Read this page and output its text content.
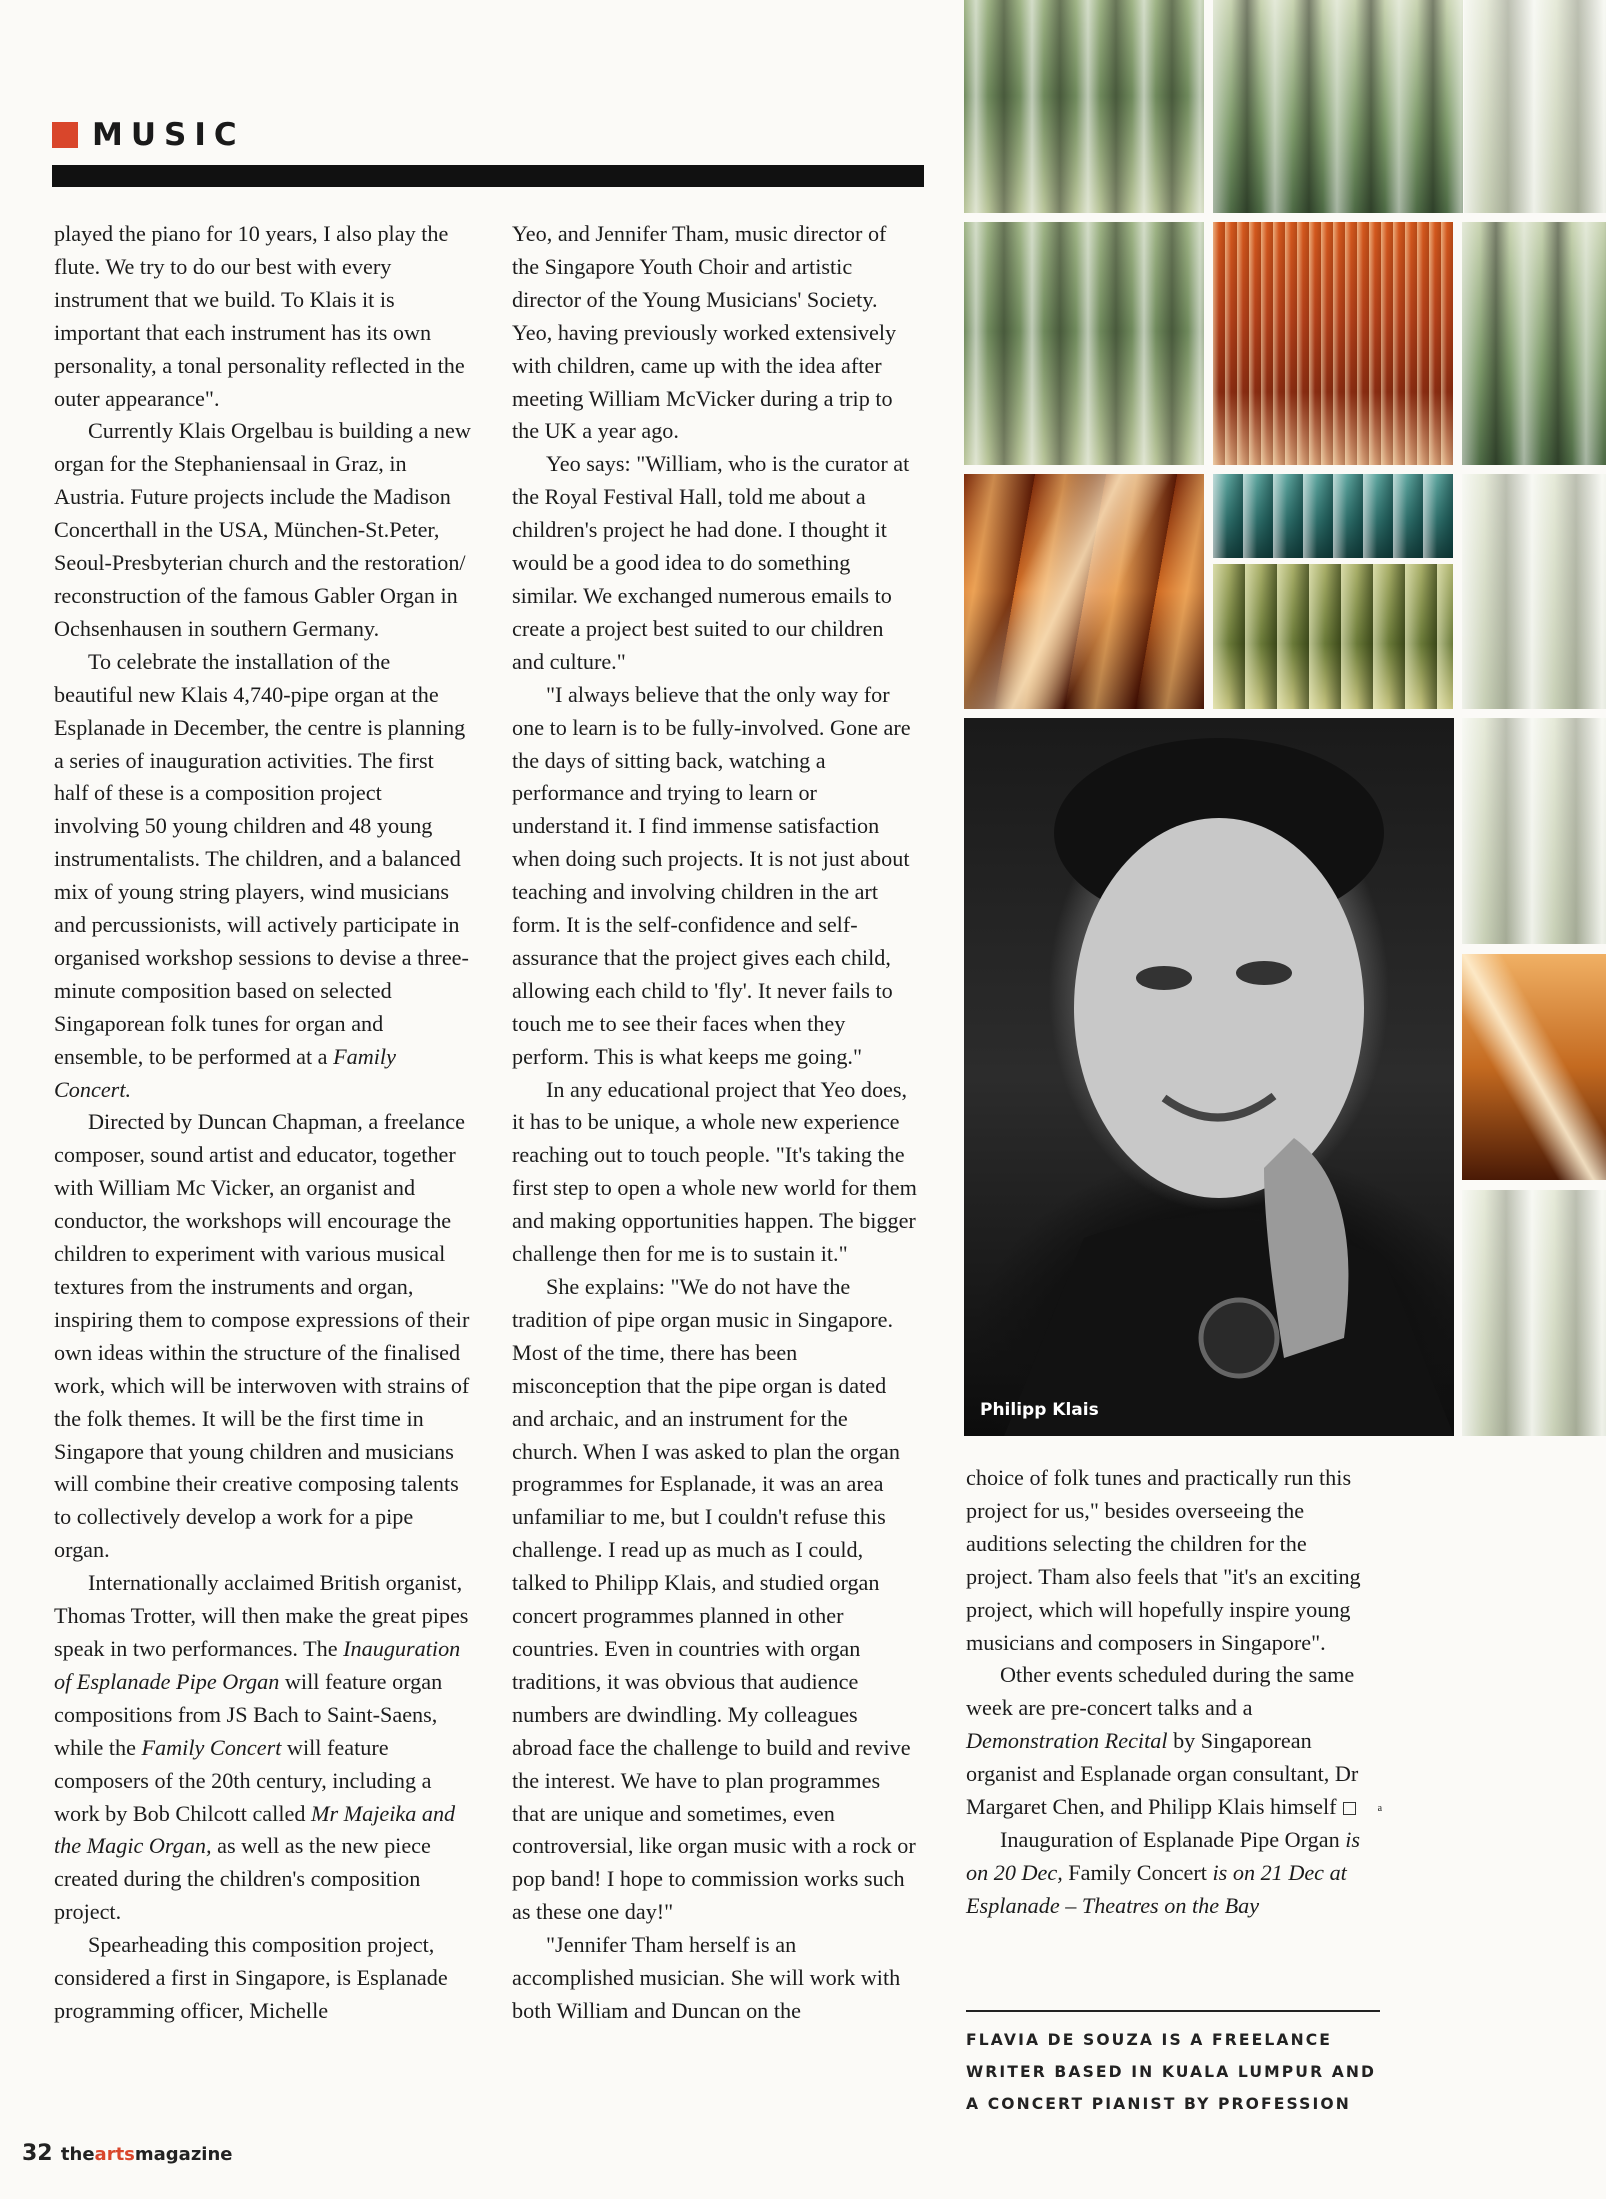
MUSIC

played the piano for 10 years, I also play the flute. We try to do our best with every instrument that we build. To Klais it is important that each instrument has its own personality, a tonal personality reflected in the outer appearance".

Currently Klais Orgelbau is building a new organ for the Stephaniensaal in Graz, in Austria. Future projects include the Madison Concerthall in the USA, München-St.Peter, Seoul-Presbyterian church and the restoration/ reconstruction of the famous Gabler Organ in Ochsenhausen in southern Germany.

To celebrate the installation of the beautiful new Klais 4,740-pipe organ at the Esplanade in December, the centre is planning a series of inauguration activities. The first half of these is a composition project involving 50 young children and 48 young instrumentalists. The children, and a balanced mix of young string players, wind musicians and percussionists, will actively participate in organised workshop sessions to devise a three-minute composition based on selected Singaporean folk tunes for organ and ensemble, to be performed at a Family Concert.

Directed by Duncan Chapman, a freelance composer, sound artist and educator, together with William Mc Vicker, an organist and conductor, the workshops will encourage the children to experiment with various musical textures from the instruments and organ, inspiring them to compose expressions of their own ideas within the structure of the finalised work, which will be interwoven with strains of the folk themes. It will be the first time in Singapore that young children and musicians will combine their creative composing talents to collectively develop a work for a pipe organ.

Internationally acclaimed British organist, Thomas Trotter, will then make the great pipes speak in two performances. The Inauguration of Esplanade Pipe Organ will feature organ compositions from JS Bach to Saint-Saens, while the Family Concert will feature composers of the 20th century, including a work by Bob Chilcott called Mr Majeika and the Magic Organ, as well as the new piece created during the children's composition project.

Spearheading this composition project, considered a first in Singapore, is Esplanade programming officer, Michelle

Yeo, and Jennifer Tham, music director of the Singapore Youth Choir and artistic director of the Young Musicians' Society. Yeo, having previously worked extensively with children, came up with the idea after meeting William McVicker during a trip to the UK a year ago.

Yeo says: "William, who is the curator at the Royal Festival Hall, told me about a children's project he had done. I thought it would be a good idea to do something similar. We exchanged numerous emails to create a project best suited to our children and culture."

"I always believe that the only way for one to learn is to be fully-involved. Gone are the days of sitting back, watching a performance and trying to learn or understand it. I find immense satisfaction when doing such projects. It is not just about teaching and involving children in the art form. It is the self-confidence and self-assurance that the project gives each child, allowing each child to 'fly'. It never fails to touch me to see their faces when they perform. This is what keeps me going."

In any educational project that Yeo does, it has to be unique, a whole new experience reaching out to touch people. "It's taking the first step to open a whole new world for them and making opportunities happen. The bigger challenge then for me is to sustain it."

She explains: "We do not have the tradition of pipe organ music in Singapore. Most of the time, there has been misconception that the pipe organ is dated and archaic, and an instrument for the church. When I was asked to plan the organ programmes for Esplanade, it was an area unfamiliar to me, but I couldn't refuse this challenge. I read up as much as I could, talked to Philipp Klais, and studied organ concert programmes planned in other countries. Even in countries with organ traditions, it was obvious that audience numbers are dwindling. My colleagues abroad face the challenge to build and revive the interest. We have to plan programmes that are unique and sometimes, even controversial, like organ music with a rock or pop band! I hope to commission works such as these one day!"

"Jennifer Tham herself is an accomplished musician. She will work with both William and Duncan on the

Philipp Klais

choice of folk tunes and practically run this project for us," besides overseeing the auditions selecting the children for the project. Tham also feels that "it's an exciting project, which will hopefully inspire young musicians and composers in Singapore".

Other events scheduled during the same week are pre-concert talks and a Demonstration Recital by Singaporean organist and Esplanade organ consultant, Dr Margaret Chen, and Philipp Klais himself	a

Inauguration of Esplanade Pipe Organ is on 20 Dec, Family Concert is on 21 Dec at Esplanade – Theatres on the Bay

FLAVIA DE SOUZA IS A FREELANCE WRITER BASED IN KUALA LUMPUR AND A CONCERT PIANIST BY PROFESSION
32 theartsmagazine
